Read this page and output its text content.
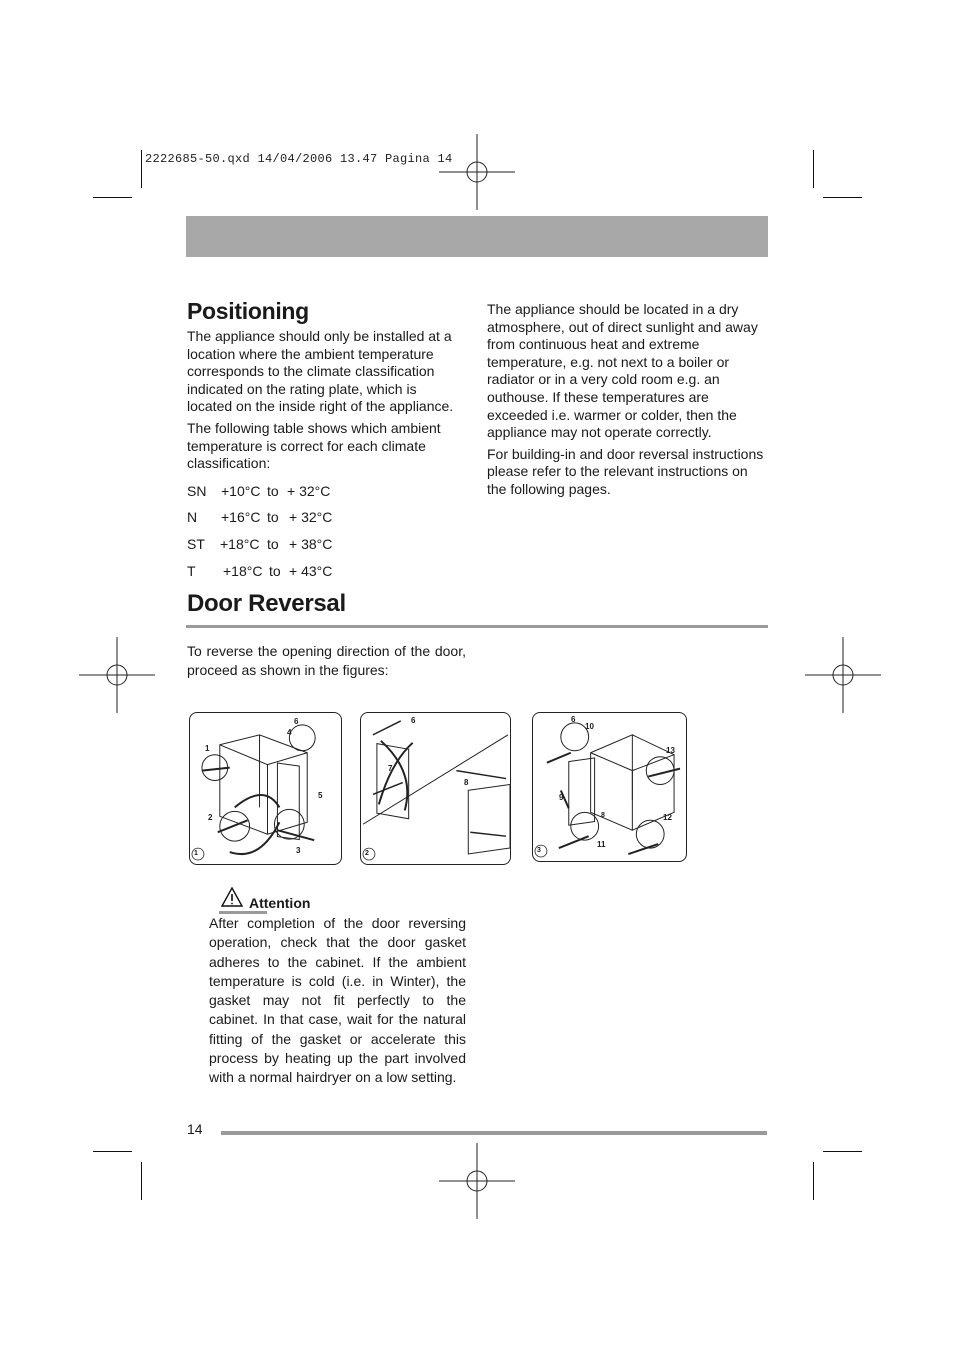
2222685-50.qxd 14/04/2006 13.47 Pagina 14
Positioning

The appliance should only be installed at a location where the ambient temperature corresponds to the climate classification indicated on the rating plate, which is located on the inside right of the appliance.

The following table shows which ambient temperature is correct for each climate classification:

SN	+10°C to + 32°C
N	+16°C to + 32°C
ST	+18°C to + 38°C
T	+18°C to + 43°C

The appliance should be located in a dry atmosphere, out of direct sunlight and away from continuous heat and extreme temperature, e.g. not next to a boiler or radiator or in a very cold room e.g. an outhouse. If these temperatures are exceeded i.e. warmer or colder, then the appliance may not operate correctly.

For building-in and door reversal instructions please refer to the relevant instructions on the following pages.

Door Reversal
To reverse the opening direction of the door, proceed as shown in the figures:
1
1
2
3
4
5
6
2
6
7
8
3
6
8
9
10
11
12
13
Attention
After completion of the door reversing operation, check that the door gasket adheres to the cabinet. If the ambient temperature is cold (i.e. in Winter), the gasket may not fit perfectly to the cabinet. In that case, wait for the natural fitting of the gasket or accelerate this process by heating up the part involved with a normal hairdryer on a low setting.
14
